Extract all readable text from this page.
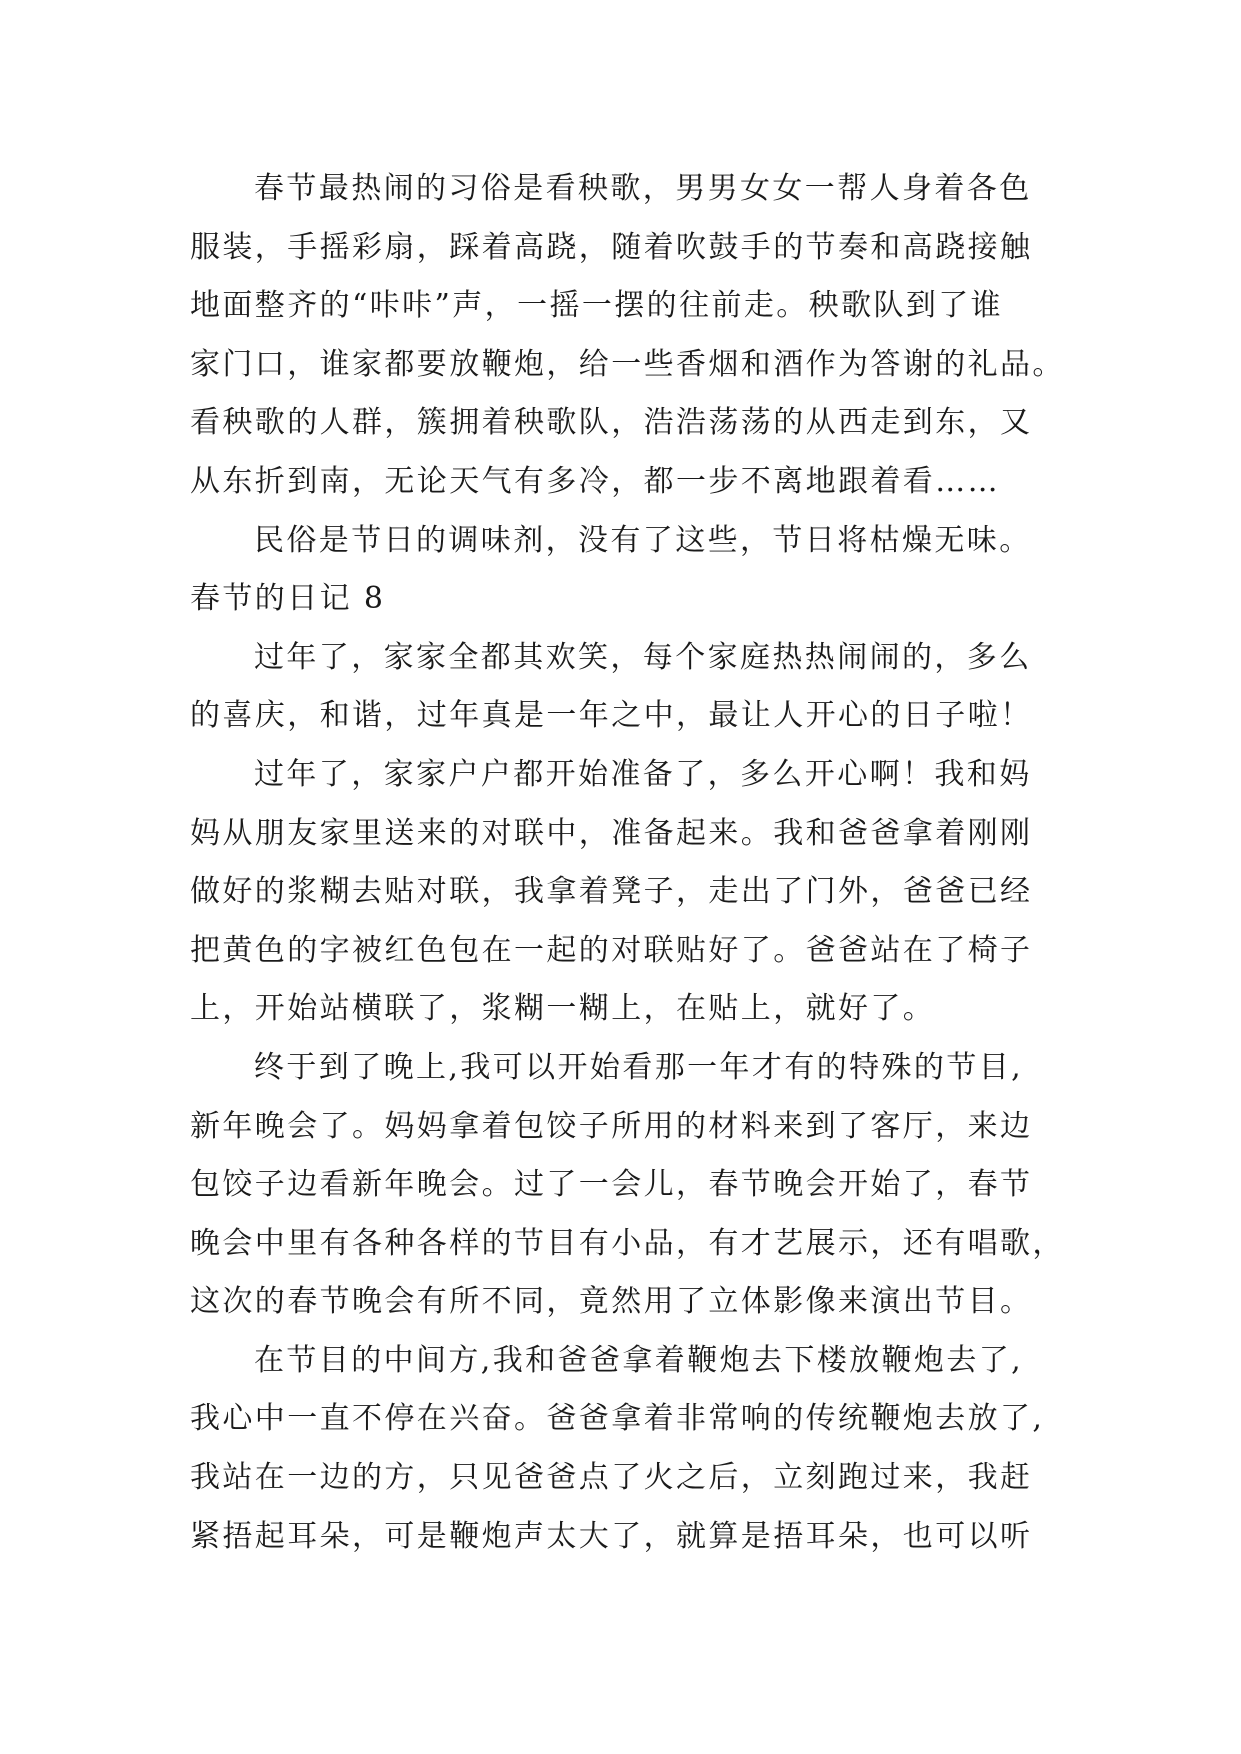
春节最热闹的习俗是看秧歌，男男女女一帮人身着各色
服装，手摇彩扇，踩着高跷，随着吹鼓手的节奏和高跷接触
地面整齐的“咔咔”声，一摇一摆的往前走。秧歌队到了谁
家门口，谁家都要放鞭炮，给一些香烟和酒作为答谢的礼品。
看秧歌的人群，簇拥着秧歌队，浩浩荡荡的从西走到东，又
从东折到南，无论天气有多冷，都一步不离地跟着看……
民俗是节日的调味剂，没有了这些，节日将枯燥无味。
春节的日记 8
过年了，家家全都其欢笑，每个家庭热热闹闹的，多么
的喜庆，和谐，过年真是一年之中，最让人开心的日子啦！
过年了，家家户户都开始准备了，多么开心啊！我和妈
妈从朋友家里送来的对联中，准备起来。我和爸爸拿着刚刚
做好的浆糊去贴对联，我拿着凳子，走出了门外，爸爸已经
把黄色的字被红色包在一起的对联贴好了。爸爸站在了椅子
上，开始站横联了，浆糊一糊上，在贴上，就好了。
终于到了晚上,我可以开始看那一年才有的特殊的节目,
新年晚会了。妈妈拿着包饺子所用的材料来到了客厅，来边
包饺子边看新年晚会。过了一会儿，春节晚会开始了，春节
晚会中里有各种各样的节目有小品，有才艺展示，还有唱歌，
这次的春节晚会有所不同，竟然用了立体影像来演出节目。
在节目的中间方,我和爸爸拿着鞭炮去下楼放鞭炮去了,
我心中一直不停在兴奋。爸爸拿着非常响的传统鞭炮去放了,
我站在一边的方，只见爸爸点了火之后，立刻跑过来，我赶
紧捂起耳朵，可是鞭炮声太大了，就算是捂耳朵，也可以听
